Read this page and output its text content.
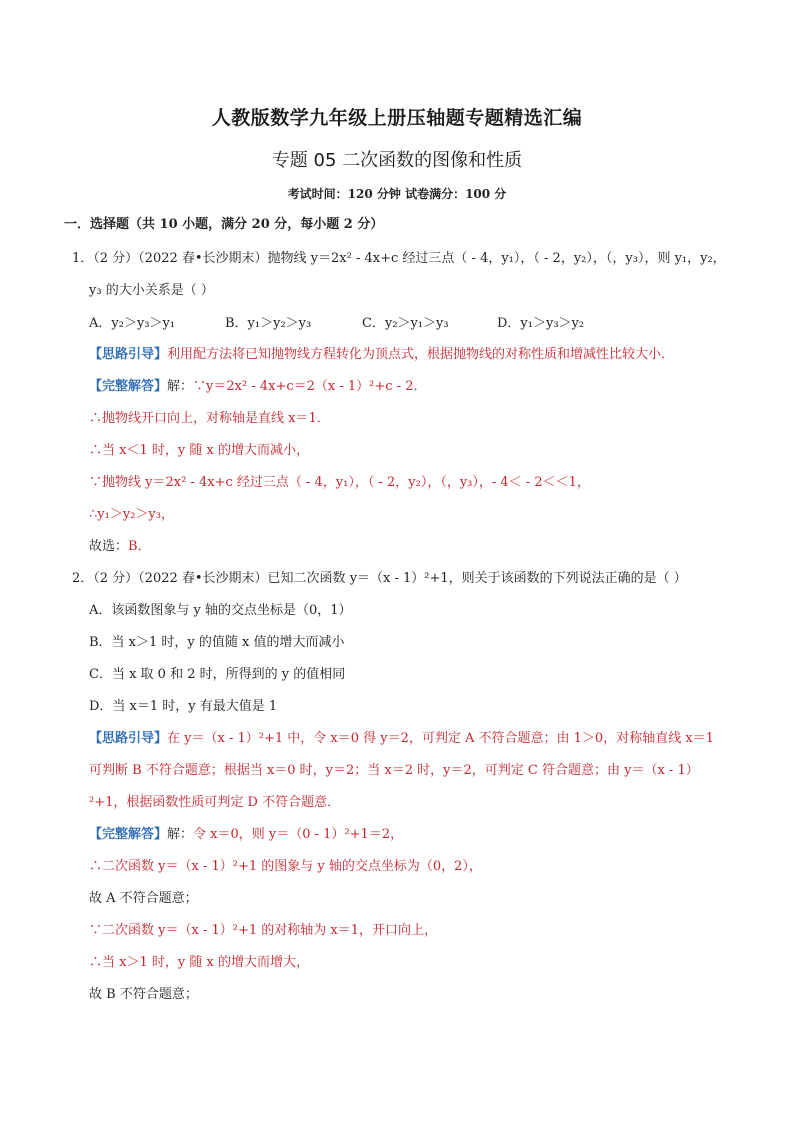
人教版数学九年级上册压轴题专题精选汇编
专题 05 二次函数的图像和性质
考试时间：120 分钟 试卷满分：100 分
一．选择题（共 10 小题，满分 20 分，每小题 2 分）
1．（2 分）（2022 春•长沙期末）抛物线 y＝2x² - 4x+c 经过三点（ - 4，y₁），（ - 2，y₂），（，y₃），则 y₁，y₂，
y₃ 的大小关系是（ ）
A．y₂＞y₃＞y₁	B．y₁＞y₂＞y₃	C．y₂＞y₁＞y₃	D．y₁＞y₃＞y₂
【思路引导】利用配方法将已知抛物线方程转化为顶点式，根据抛物线的对称性质和增减性比较大小．
【完整解答】解：∵y＝2x² - 4x+c＝2（x - 1）²+c - 2．
∴抛物线开口向上，对称轴是直线 x＝1．
∴当 x＜1 时，y 随 x 的增大而减小，
∵抛物线 y＝2x² - 4x+c 经过三点（ - 4，y₁），（ - 2，y₂），（，y₃），- 4＜ - 2＜＜1，
∴y₁＞y₂＞y₃，
故选：B．
2．（2 分）（2022 春•长沙期末）已知二次函数 y＝（x - 1）²+1，则关于该函数的下列说法正确的是（ ）
A．该函数图象与 y 轴的交点坐标是（0，1）
B．当 x＞1 时，y 的值随 x 值的增大而减小
C．当 x 取 0 和 2 时，所得到的 y 的值相同
D．当 x＝1 时，y 有最大值是 1
【思路引导】在 y＝（x - 1）²+1 中，令 x＝0 得 y＝2，可判定 A 不符合题意；由 1＞0，对称轴直线 x＝1
可判断 B 不符合题意；根据当 x＝0 时，y＝2；当 x＝2 时，y＝2，可判定 C 符合题意；由 y＝（x - 1）
²+1，根据函数性质可判定 D 不符合题意．
【完整解答】解：令 x＝0，则 y＝（0 - 1）²+1＝2，
∴二次函数 y＝（x - 1）²+1 的图象与 y 轴的交点坐标为（0，2），
故 A 不符合题意；
∵二次函数 y＝（x - 1）²+1 的对称轴为 x＝1，开口向上，
∴当 x＞1 时，y 随 x 的增大而增大，
故 B 不符合题意；
